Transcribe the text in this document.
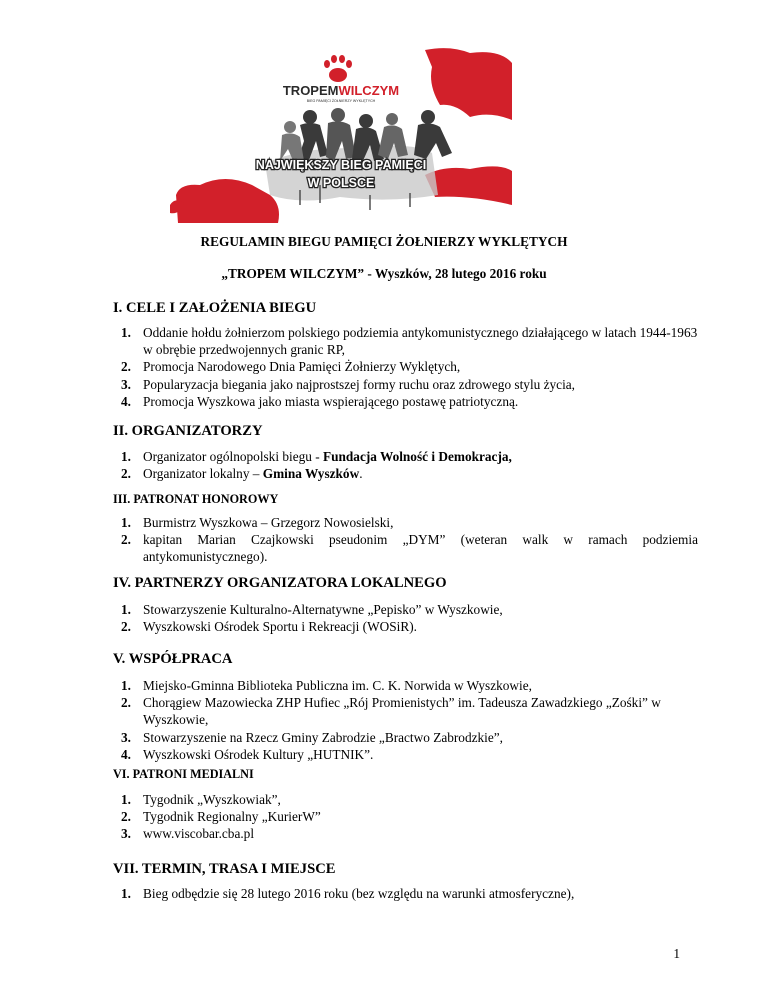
TROPEMWILCZYM
BIEG PAMIĘCI ŻOŁNIERZY WYKLĘTYCH
NAJWIĘKSZY BIEG PAMIĘCI
W POLSCE
REGULAMIN BIEGU PAMIĘCI ŻOŁNIERZY WYKLĘTYCH
„TROPEM WILCZYM” - Wyszków, 28 lutego 2016 roku
I. CELE I ZAŁOŻENIA BIEGU
1. Oddanie hołdu żołnierzom polskiego podziemia antykomunistycznego działającego w latach 1944-1963 w obrębie przedwojennych granic RP,
2. Promocja Narodowego Dnia Pamięci Żołnierzy Wyklętych,
3. Popularyzacja biegania jako najprostszej formy ruchu oraz zdrowego stylu życia,
4. Promocja Wyszkowa jako miasta wspierającego postawę patriotyczną.
II. ORGANIZATORZY
1. Organizator ogólnopolski biegu - Fundacja Wolność i Demokracja,
2. Organizator lokalny – Gmina Wyszków.
III. PATRONAT HONOROWY
1. Burmistrz Wyszkowa – Grzegorz Nowosielski,
2. kapitan Marian Czajkowski pseudonim „DYM” (weteran walk w ramach podziemia antykomunistycznego).
IV. PARTNERZY ORGANIZATORA LOKALNEGO
1. Stowarzyszenie Kulturalno-Alternatywne „Pepisko” w Wyszkowie,
2. Wyszkowski Ośrodek Sportu i Rekreacji (WOSiR).
V. WSPÓŁPRACA
1. Miejsko-Gminna Biblioteka Publiczna im. C. K. Norwida w Wyszkowie,
2. Chorągiew Mazowiecka ZHP Hufiec „Rój Promienistych” im. Tadeusza Zawadzkiego „Zośki” w Wyszkowie,
3. Stowarzyszenie na Rzecz Gminy Zabrodzie „Bractwo Zabrodzkie”,
4. Wyszkowski Ośrodek Kultury „HUTNIK”.
VI. PATRONI MEDIALNI
1. Tygodnik „Wyszkowiak”,
2. Tygodnik Regionalny „KurierW”
3. www.viscobar.cba.pl
VII. TERMIN, TRASA I MIEJSCE
1. Bieg odbędzie się 28 lutego 2016 roku (bez względu na warunki atmosferyczne),
1
